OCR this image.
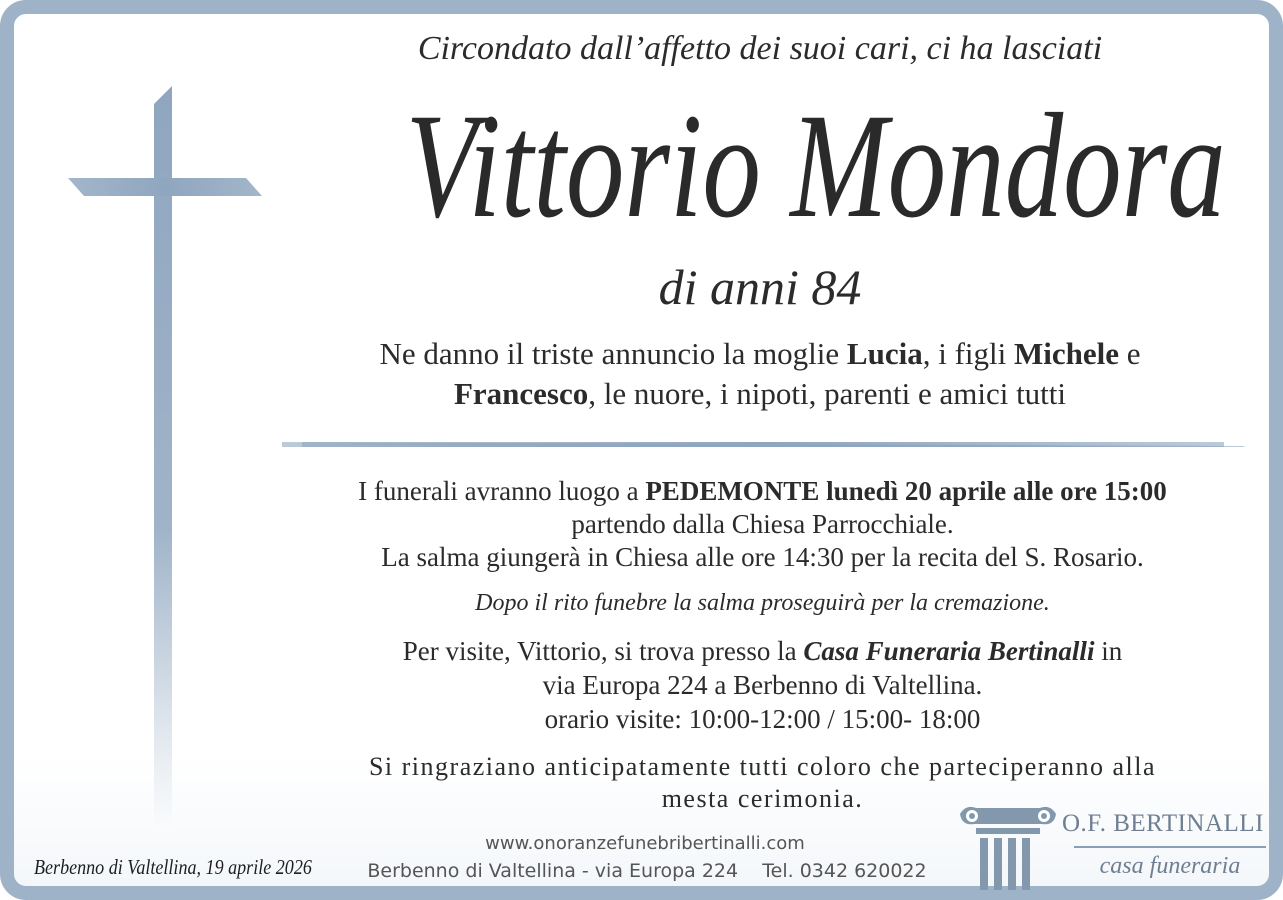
Circondato dall’affetto dei suoi cari, ci ha lasciati
Vittorio Mondora
di anni 84
Ne danno il triste annuncio la moglie Lucia, i figli Michele e
Francesco, le nuore, i nipoti, parenti e amici tutti
I funerali avranno luogo a PEDEMONTE lunedì 20 aprile alle ore 15:00
partendo dalla Chiesa Parrocchiale.
La salma giungerà in Chiesa alle ore 14:30 per la recita del S. Rosario.
Dopo il rito funebre la salma proseguirà per la cremazione.
Per visite, Vittorio, si trova presso la Casa Funeraria Bertinalli in
via Europa 224 a Berbenno di Valtellina.
orario visite: 10:00-12:00 / 15:00- 18:00
Si ringraziano anticipatamente tutti coloro che parteciperanno alla
mesta cerimonia.
Berbenno di Valtellina, 19 aprile 2026
www.onoranzefunebribertinalli.com
Berbenno di Valtellina - via Europa 224 Tel. 0342 620022
O.F. BERTINALLI
casa funeraria
